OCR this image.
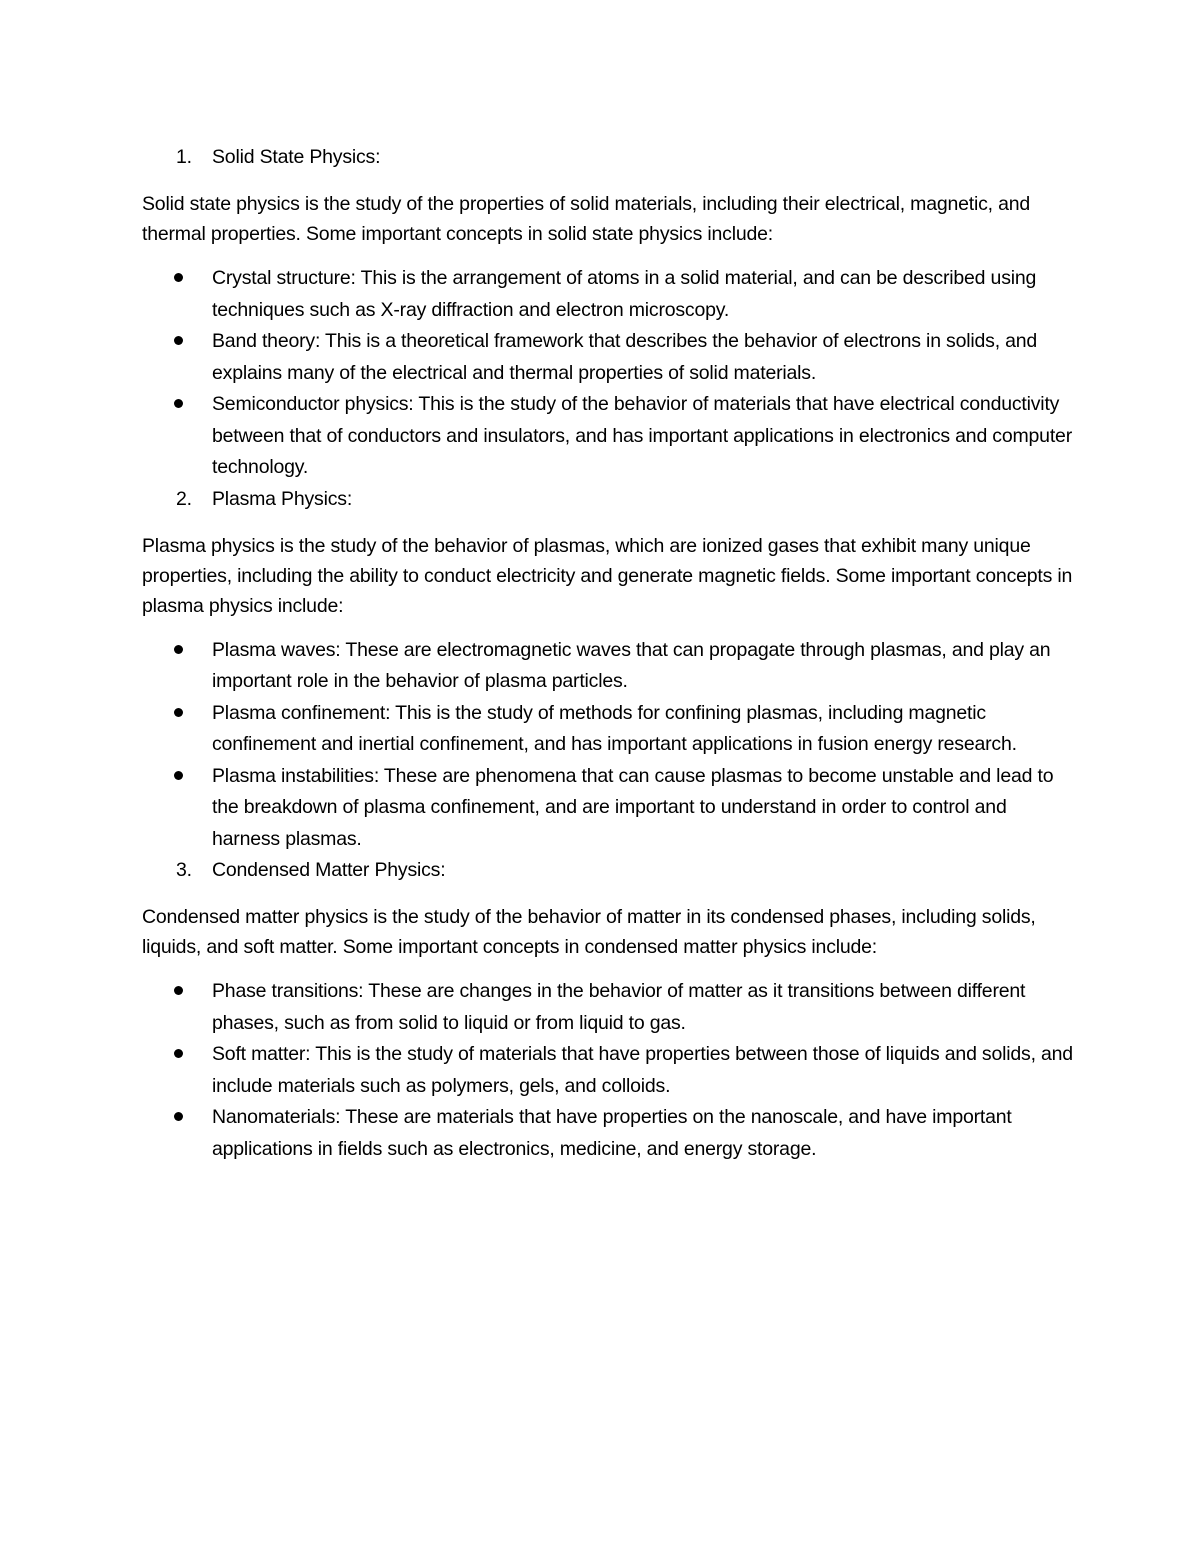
1. Solid State Physics:

Solid state physics is the study of the properties of solid materials, including their electrical, magnetic, and thermal properties. Some important concepts in solid state physics include:

Crystal structure: This is the arrangement of atoms in a solid material, and can be described using techniques such as X-ray diffraction and electron microscopy.
Band theory: This is a theoretical framework that describes the behavior of electrons in solids, and explains many of the electrical and thermal properties of solid materials.
Semiconductor physics: This is the study of the behavior of materials that have electrical conductivity between that of conductors and insulators, and has important applications in electronics and computer technology.
2. Plasma Physics:

Plasma physics is the study of the behavior of plasmas, which are ionized gases that exhibit many unique properties, including the ability to conduct electricity and generate magnetic fields. Some important concepts in plasma physics include:

Plasma waves: These are electromagnetic waves that can propagate through plasmas, and play an important role in the behavior of plasma particles.
Plasma confinement: This is the study of methods for confining plasmas, including magnetic confinement and inertial confinement, and has important applications in fusion energy research.
Plasma instabilities: These are phenomena that can cause plasmas to become unstable and lead to the breakdown of plasma confinement, and are important to understand in order to control and harness plasmas.
3. Condensed Matter Physics:

Condensed matter physics is the study of the behavior of matter in its condensed phases, including solids, liquids, and soft matter. Some important concepts in condensed matter physics include:

Phase transitions: These are changes in the behavior of matter as it transitions between different phases, such as from solid to liquid or from liquid to gas.
Soft matter: This is the study of materials that have properties between those of liquids and solids, and include materials such as polymers, gels, and colloids.
Nanomaterials: These are materials that have properties on the nanoscale, and have important applications in fields such as electronics, medicine, and energy storage.
